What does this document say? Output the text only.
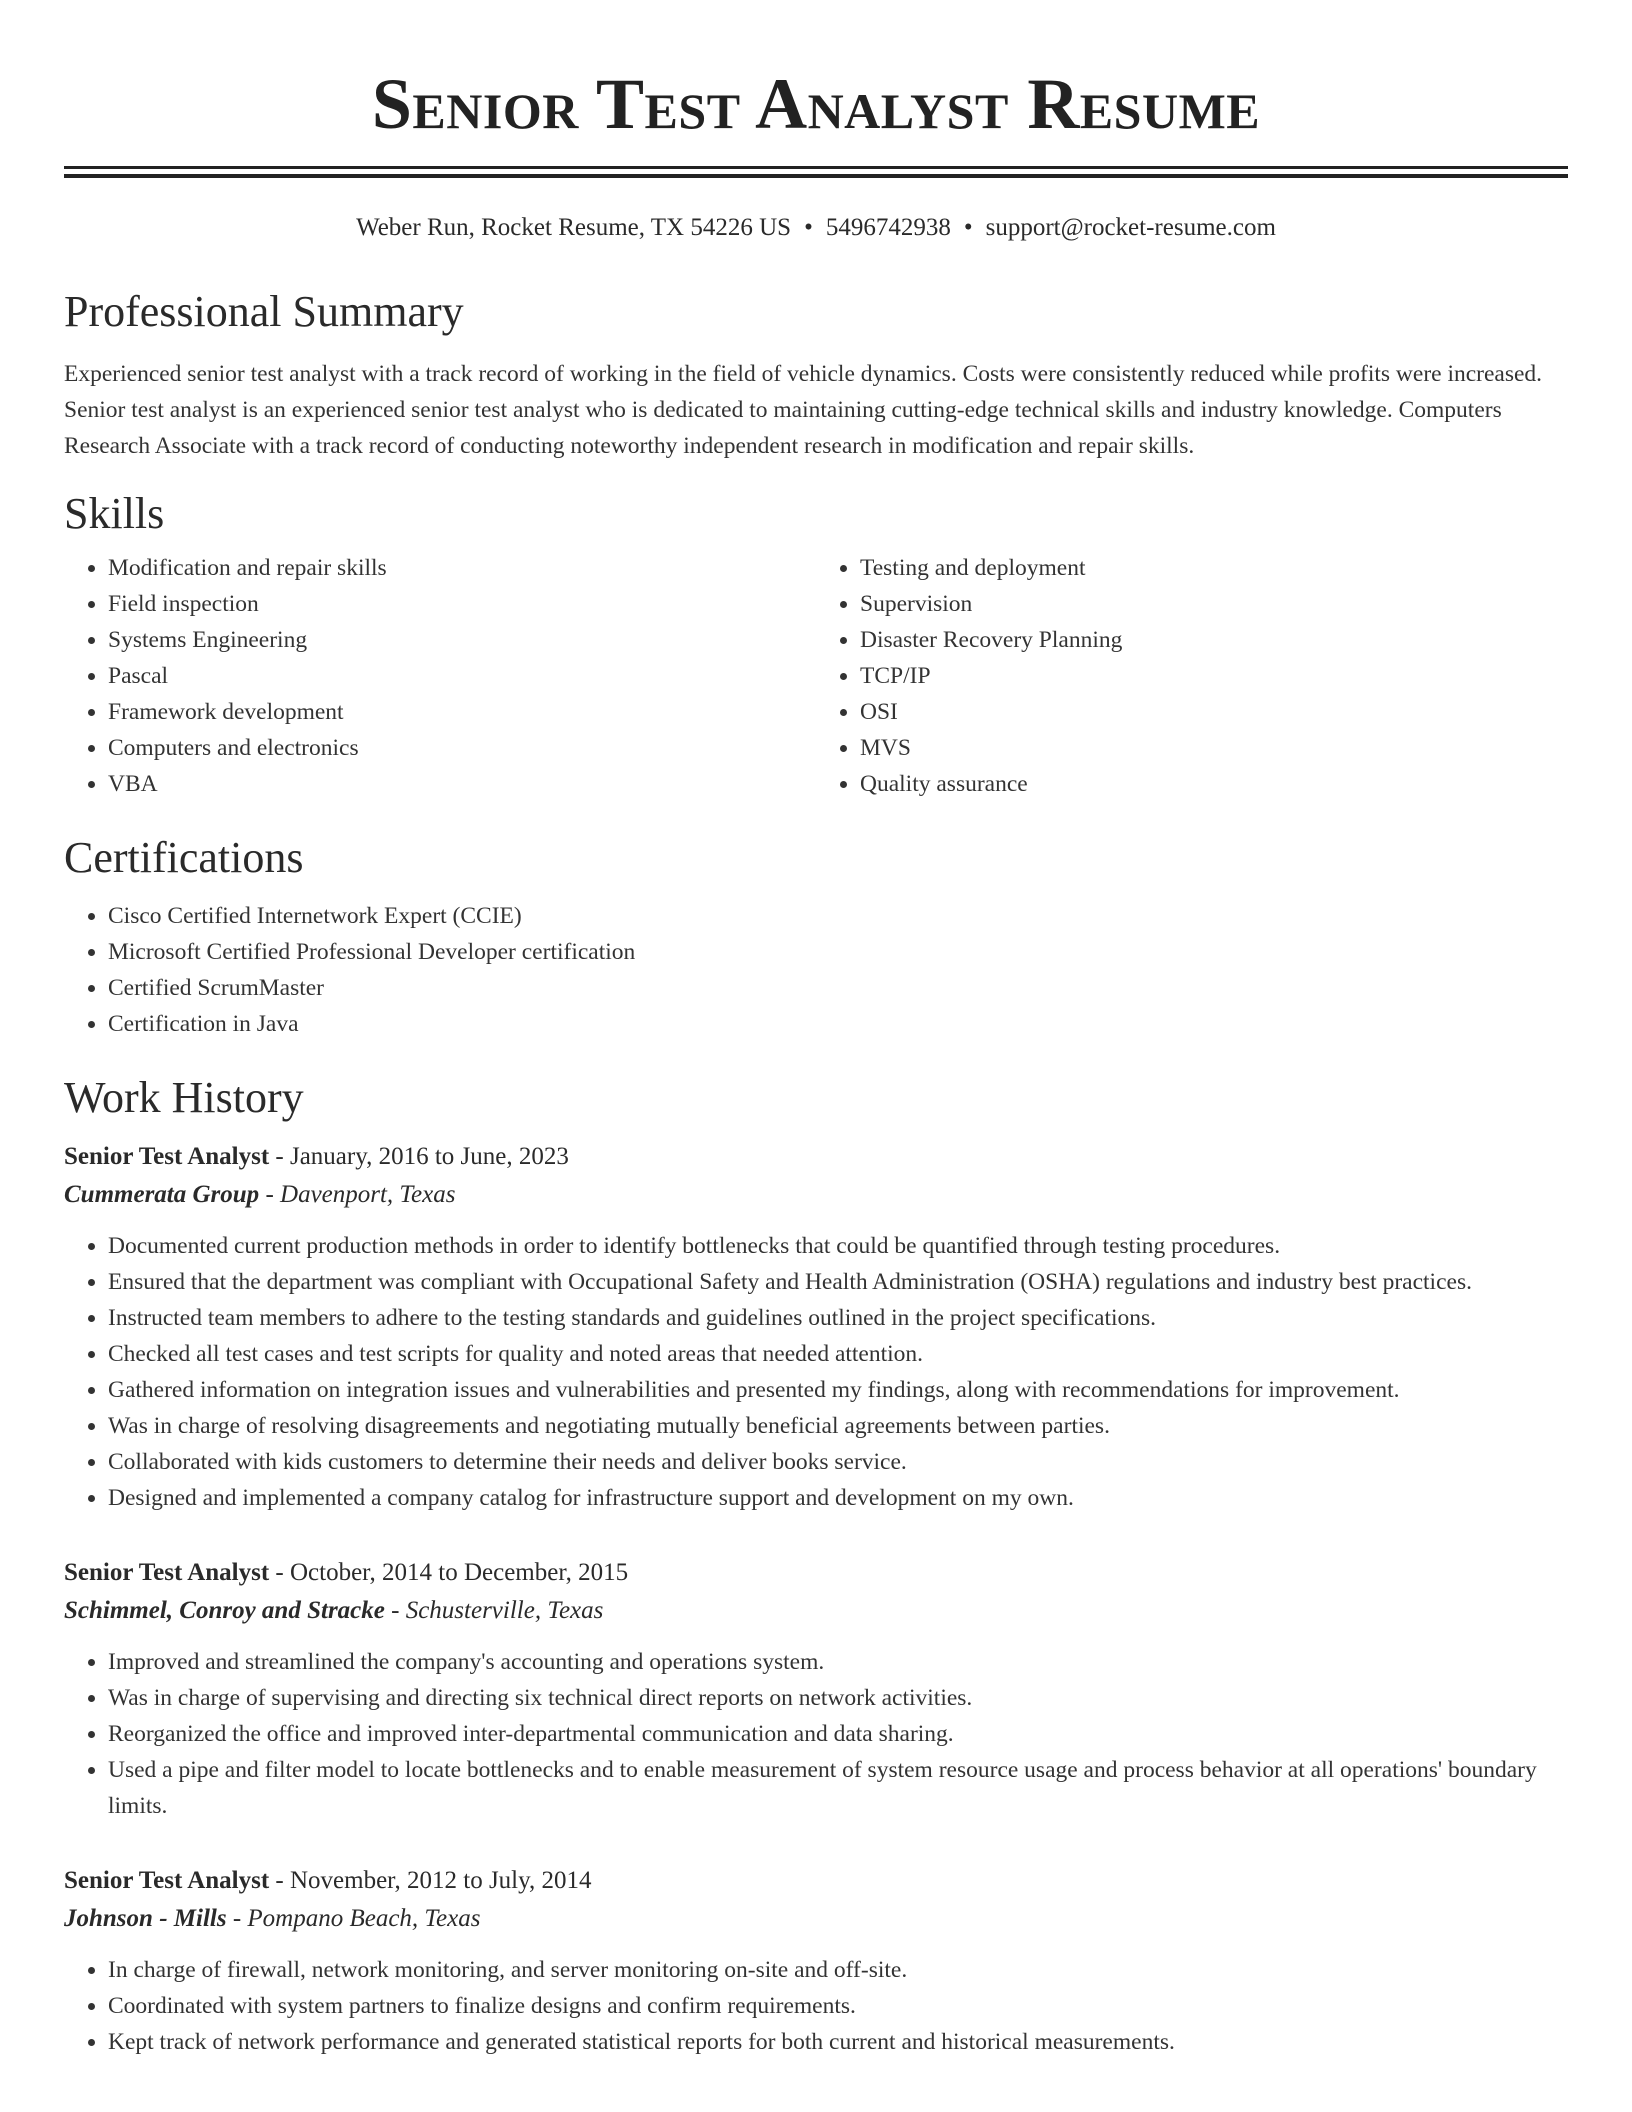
Senior Test Analyst Resume
Weber Run, Rocket Resume, TX 54226 US • 5496742938 • support@rocket-resume.com
Professional Summary

Experienced senior test analyst with a track record of working in the field of vehicle dynamics. Costs were consistently reduced while profits were increased. Senior test analyst is an experienced senior test analyst who is dedicated to maintaining cutting-edge technical skills and industry knowledge. Computers Research Associate with a track record of conducting noteworthy independent research in modification and repair skills.

Skills
• Modification and repair skills
• Field inspection
• Systems Engineering
• Pascal
• Framework development
• Computers and electronics
• VBA
• Testing and deployment
• Supervision
• Disaster Recovery Planning
• TCP/IP
• OSI
• MVS
• Quality assurance
Certifications
• Cisco Certified Internetwork Expert (CCIE)
• Microsoft Certified Professional Developer certification
• Certified ScrumMaster
• Certification in Java
Work History
Senior Test Analyst - January, 2016 to June, 2023
Cummerata Group - Davenport, Texas
• Documented current production methods in order to identify bottlenecks that could be quantified through testing procedures.
• Ensured that the department was compliant with Occupational Safety and Health Administration (OSHA) regulations and industry best practices.
• Instructed team members to adhere to the testing standards and guidelines outlined in the project specifications.
• Checked all test cases and test scripts for quality and noted areas that needed attention.
• Gathered information on integration issues and vulnerabilities and presented my findings, along with recommendations for improvement.
• Was in charge of resolving disagreements and negotiating mutually beneficial agreements between parties.
• Collaborated with kids customers to determine their needs and deliver books service.
• Designed and implemented a company catalog for infrastructure support and development on my own.
Senior Test Analyst - October, 2014 to December, 2015
Schimmel, Conroy and Stracke - Schusterville, Texas
• Improved and streamlined the company's accounting and operations system.
• Was in charge of supervising and directing six technical direct reports on network activities.
• Reorganized the office and improved inter-departmental communication and data sharing.
• Used a pipe and filter model to locate bottlenecks and to enable measurement of system resource usage and process behavior at all operations' boundary limits.
Senior Test Analyst - November, 2012 to July, 2014
Johnson - Mills - Pompano Beach, Texas
• In charge of firewall, network monitoring, and server monitoring on-site and off-site.
• Coordinated with system partners to finalize designs and confirm requirements.
• Kept track of network performance and generated statistical reports for both current and historical measurements.
